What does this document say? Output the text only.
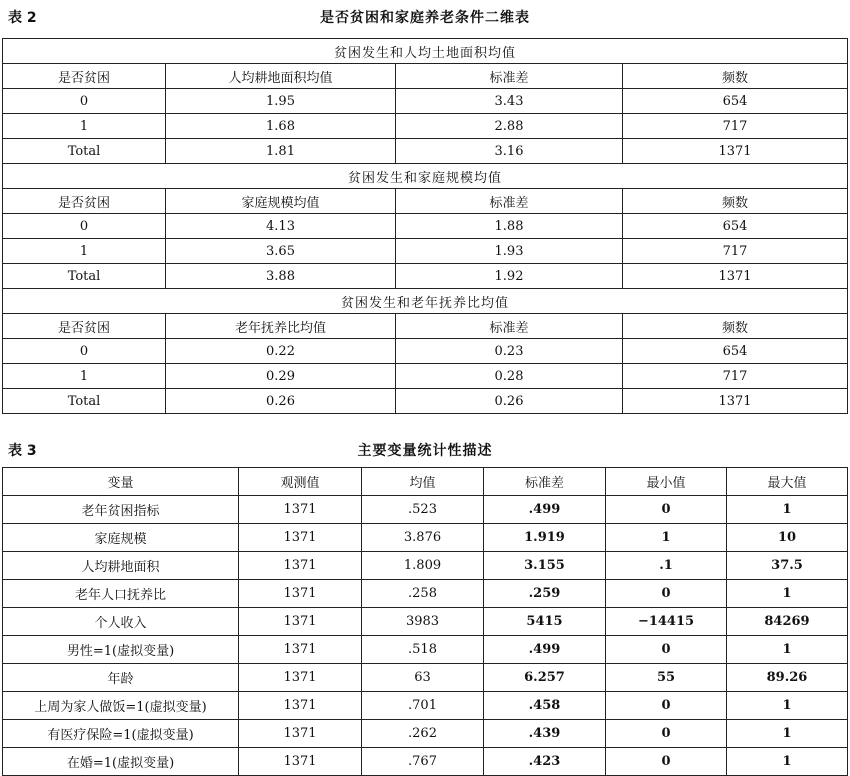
表 2	是否贫困和家庭养老条件二维表
贫困发生和人均土地面积均值			
是否贫困	人均耕地面积均值	标准差	频数
0	1.95	3.43	654
1	1.68	2.88	717
Total	1.81	3.16	1371
贫困发生和家庭规模均值			
是否贫困	家庭规模均值	标准差	频数
0	4.13	1.88	654
1	3.65	1.93	717
Total	3.88	1.92	1371
贫困发生和老年抚养比均值			
是否贫困	老年抚养比均值	标准差	频数
0	0.22	0.23	654
1	0.29	0.28	717
Total	0.26	0.26	1371
表 3	主要变量统计性描述
变量	观测值	均值	标准差	最小值	最大值
老年贫困指标	1371	.523	.499	0	1
家庭规模	1371	3.876	1.919	1	10
人均耕地面积	1371	1.809	3.155	.1	37.5
老年人口抚养比	1371	.258	.259	0	1
个人收入	1371	3983	5415	−14415	84269
男性=1(虚拟变量)	1371	.518	.499	0	1
年龄	1371	63	6.257	55	89.26
上周为家人做饭=1(虚拟变量)	1371	.701	.458	0	1
有医疗保险=1(虚拟变量)	1371	.262	.439	0	1
在婚=1(虚拟变量)	1371	.767	.423	0	1
